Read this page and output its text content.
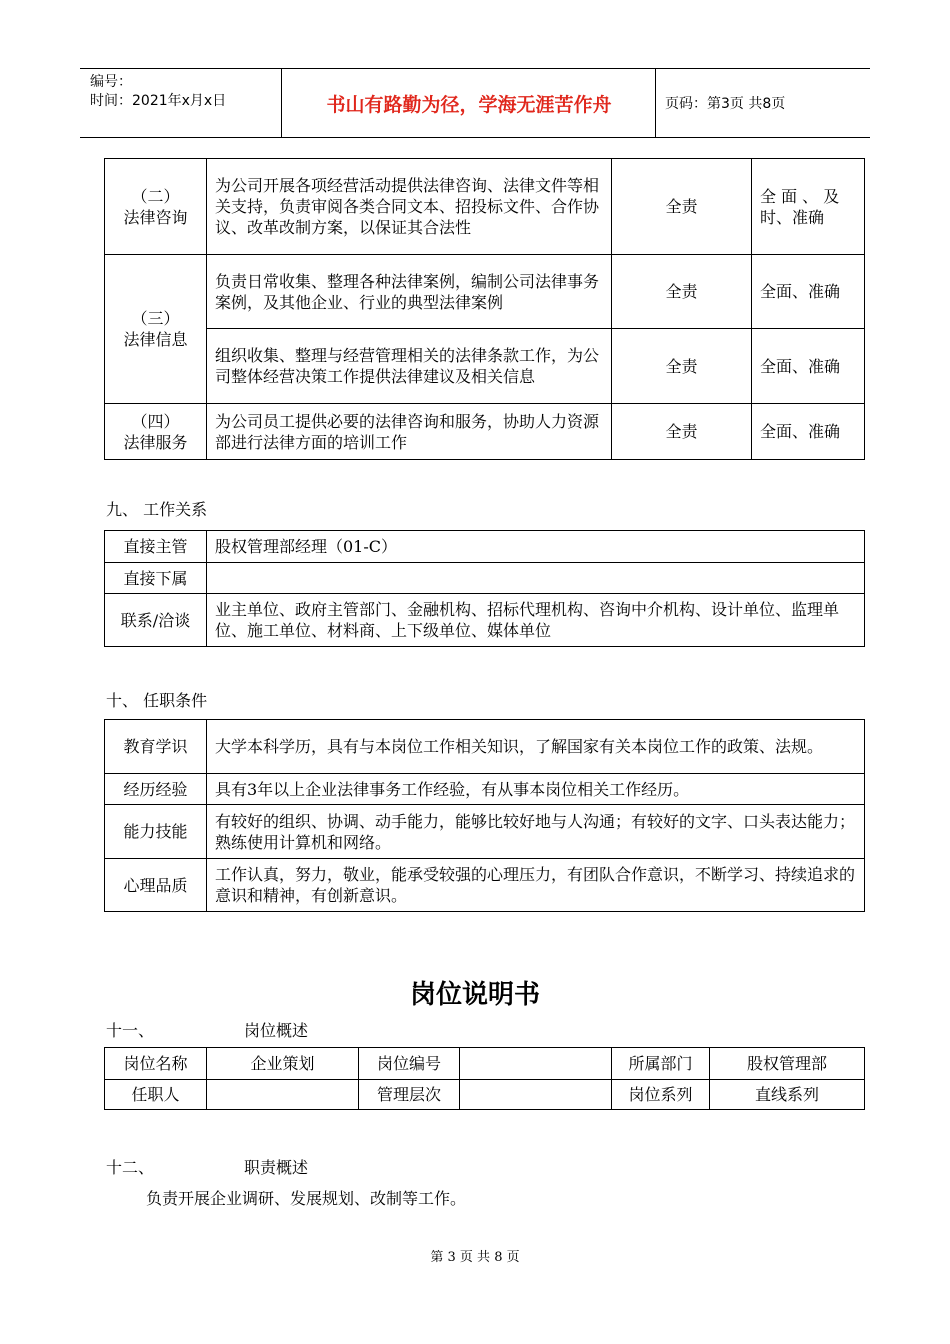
编号：
时间：2021年x月x日	书山有路勤为径，学海无涯苦作舟	页码：第3页 共8页
（二）
法律咨询	为公司开展各项经营活动提供法律咨询、法律文件等相关支持，负责审阅各类合同文本、招投标文件、合作协议、改革改制方案，以保证其合法性	全责	全 面 、 及时、准确
（三）
法律信息	负责日常收集、整理各种法律案例，编制公司法律事务案例，及其他企业、行业的典型法律案例	全责	全面、准确
	组织收集、整理与经营管理相关的法律条款工作，为公司整体经营决策工作提供法律建议及相关信息	全责	全面、准确
（四）
法律服务	为公司员工提供必要的法律咨询和服务，协助人力资源部进行法律方面的培训工作	全责	全面、准确
九、 工作关系
直接主管	股权管理部经理（01-C）
直接下属	
联系/洽谈	业主单位、政府主管部门、金融机构、招标代理机构、咨询中介机构、设计单位、监理单位、施工单位、材料商、上下级单位、媒体单位
十、 任职条件
教育学识	大学本科学历，具有与本岗位工作相关知识，了解国家有关本岗位工作的政策、法规。
经历经验	具有3年以上企业法律事务工作经验，有从事本岗位相关工作经历。
能力技能	有较好的组织、协调、动手能力，能够比较好地与人沟通；有较好的文字、口头表达能力；熟练使用计算机和网络。
心理品质	工作认真，努力，敬业，能承受较强的心理压力，有团队合作意识，不断学习、持续追求的意识和精神，有创新意识。
岗位说明书
十一、	岗位概述
岗位名称	企业策划	岗位编号		所属部门	股权管理部
任职人		管理层次		岗位系列	直线系列
十二、	职责概述
负责开展企业调研、发展规划、改制等工作。
第 3 页 共 8 页
